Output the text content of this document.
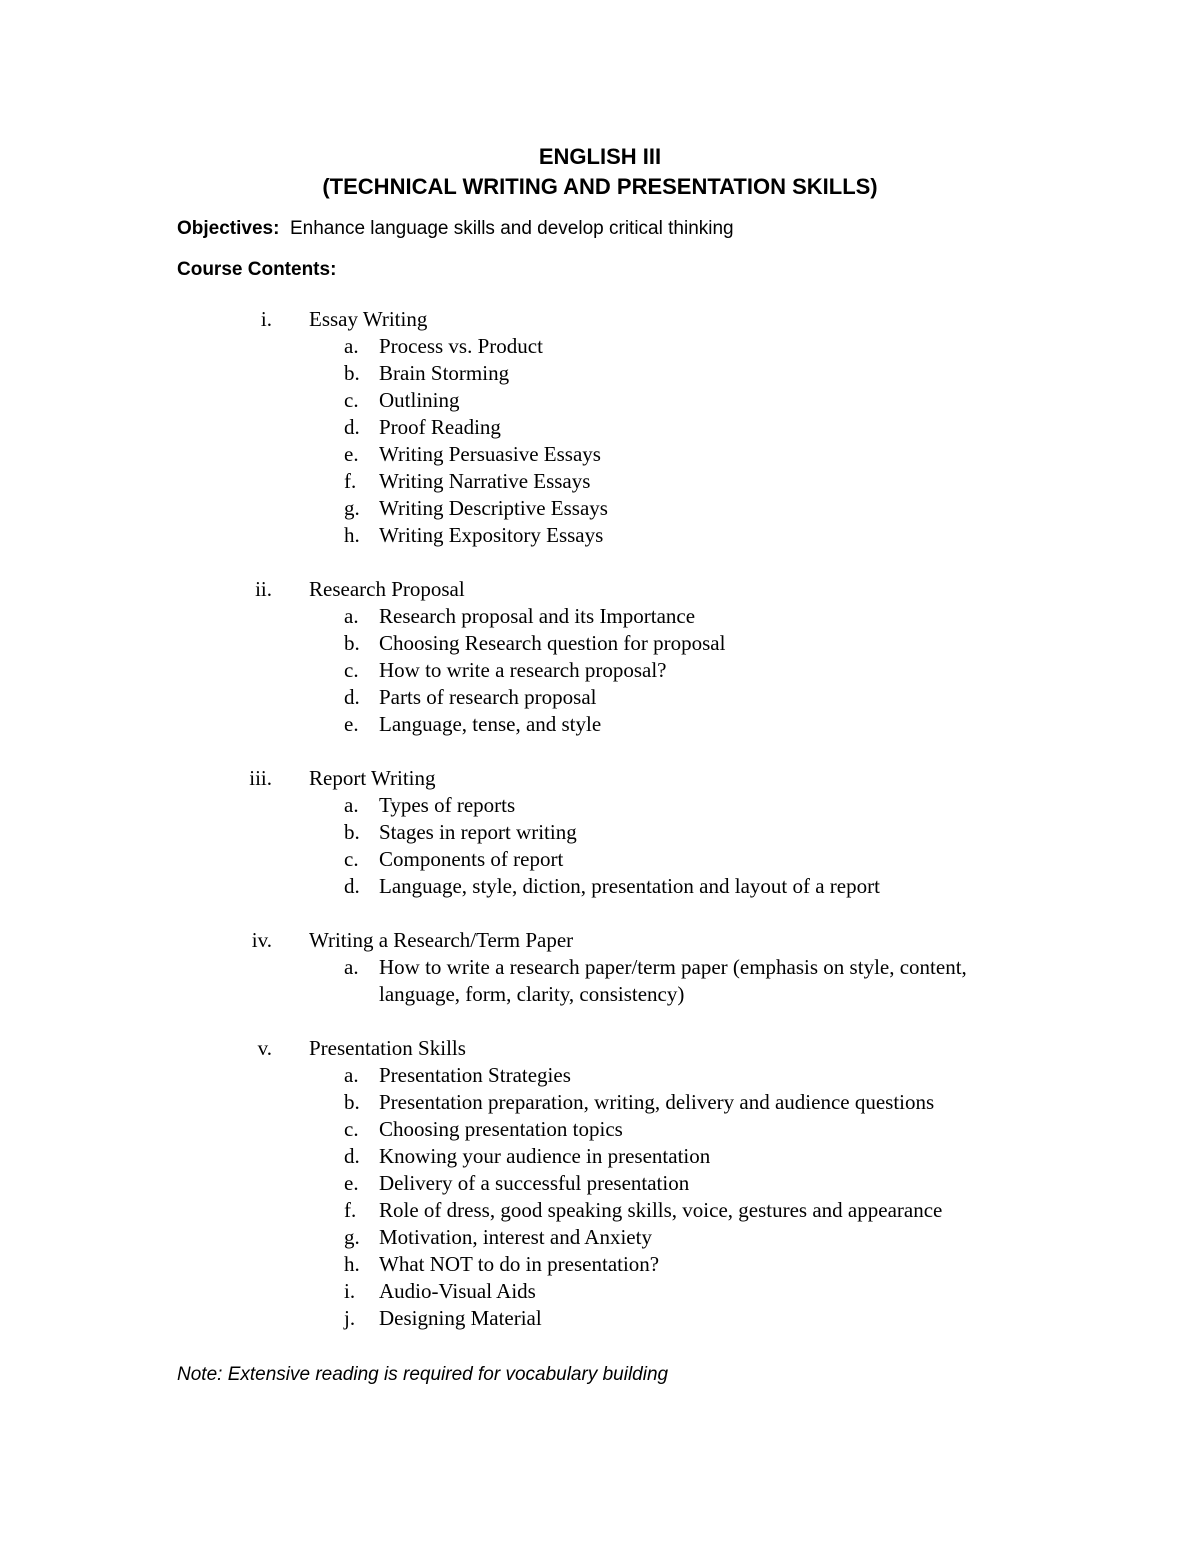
ENGLISH III
(TECHNICAL WRITING AND PRESENTATION SKILLS)
Objectives: Enhance language skills and develop critical thinking
Course Contents:
i. Essay Writing
a. Process vs. Product
b. Brain Storming
c. Outlining
d. Proof Reading
e. Writing Persuasive Essays
f. Writing Narrative Essays
g. Writing Descriptive Essays
h. Writing Expository Essays
ii. Research Proposal
a. Research proposal and its Importance
b. Choosing Research question for proposal
c. How to write a research proposal?
d. Parts of research proposal
e. Language, tense, and style
iii. Report Writing
a. Types of reports
b. Stages in report writing
c. Components of report
d. Language, style, diction, presentation and layout of a report
iv. Writing a Research/Term Paper
a. How to write a research paper/term paper (emphasis on style, content, language, form, clarity, consistency)
v. Presentation Skills
a. Presentation Strategies
b. Presentation preparation, writing, delivery and audience questions
c. Choosing presentation topics
d. Knowing your audience in presentation
e. Delivery of a successful presentation
f. Role of dress, good speaking skills, voice, gestures and appearance
g. Motivation, interest and Anxiety
h. What NOT to do in presentation?
i. Audio-Visual Aids
j. Designing Material
Note: Extensive reading is required for vocabulary building
